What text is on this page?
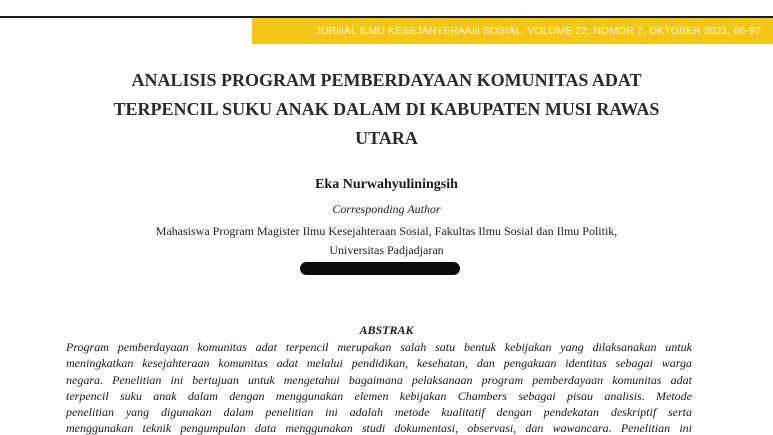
JURNAL ILMU KESEJAHTERAAN SOSIAL, VOLUME 22, NOMOR 2, OKTOBER 2021, 86-97
ANALISIS PROGRAM PEMBERDAYAAN KOMUNITAS ADAT
TERPENCIL SUKU ANAK DALAM DI KABUPATEN MUSI RAWAS
UTARA
Eka Nurwahyuliningsih
Corresponding Author
Mahasiswa Program Magister Ilmu Kesejahteraan Sosial, Fakultas Ilmu Sosial dan Ilmu Politik,
Universitas Padjadjaran
ABSTRAK
Program pemberdayaan komunitas adat terpencil merupakan salah satu bentuk kebijakan yang dilaksanakan untuk
meningkatkan kesejahteraan komunitas adat melalui pendidikan, kesehatan, dan pengakuan identitas sebagai warga
negara. Penelitian ini bertujuan untuk mengetahui bagaimana pelaksanaan program pemberdayaan komunitas adat
terpencil suku anak dalam dengan menggunakan elemen kebijakan Chambers sebagai pisau analisis. Metode
penelitian yang digunakan dalam penelitian ini adalah metode kualitatif dengan pendekatan deskriptif serta
menggunakan teknik pengumpulan data menggunakan studi dokumentasi, observasi, dan wawancara. Penelitian ini
